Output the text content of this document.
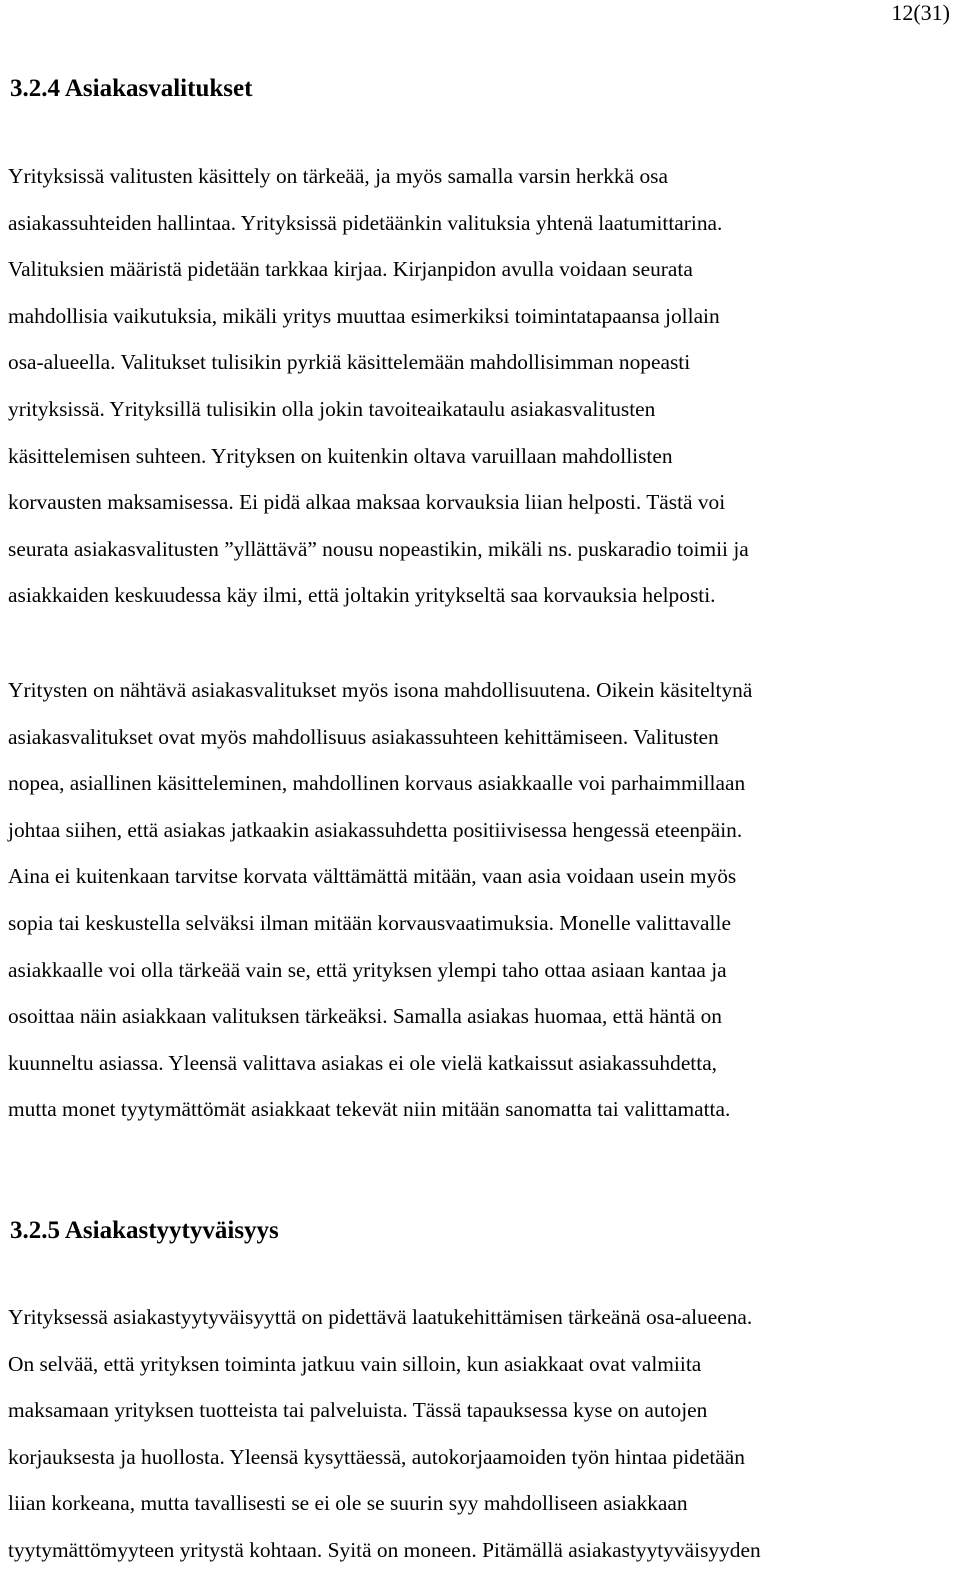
12(31)
3.2.4 Asiakasvalitukset
Yrityksissä valitusten käsittely on tärkeää, ja myös samalla varsin herkkä osa
asiakassuhteiden hallintaa. Yrityksissä pidetäänkin valituksia yhtenä laatumittarina.
Valituksien määristä pidetään tarkkaa kirjaa. Kirjanpidon avulla voidaan seurata
mahdollisia vaikutuksia, mikäli yritys muuttaa esimerkiksi toimintatapaansa jollain
osa-alueella. Valitukset tulisikin pyrkiä käsittelemään mahdollisimman nopeasti
yrityksissä. Yrityksillä tulisikin olla jokin tavoiteaikataulu asiakasvalitusten
käsittelemisen suhteen. Yrityksen on kuitenkin oltava varuillaan mahdollisten
korvausten maksamisessa. Ei pidä alkaa maksaa korvauksia liian helposti. Tästä voi
seurata asiakasvalitusten ”yllättävä” nousu nopeastikin, mikäli ns. puskaradio toimii ja
asiakkaiden keskuudessa käy ilmi, että joltakin yritykseltä saa korvauksia helposti.
Yritysten on nähtävä asiakasvalitukset myös isona mahdollisuutena. Oikein käsiteltynä
asiakasvalitukset ovat myös mahdollisuus asiakassuhteen kehittämiseen. Valitusten
nopea, asiallinen käsitteleminen, mahdollinen korvaus asiakkaalle voi parhaimmillaan
johtaa siihen, että asiakas jatkaakin asiakassuhdetta positiivisessa hengessä eteenpäin.
Aina ei kuitenkaan tarvitse korvata välttämättä mitään, vaan asia voidaan usein myös
sopia tai keskustella selväksi ilman mitään korvausvaatimuksia. Monelle valittavalle
asiakkaalle voi olla tärkeää vain se, että yrityksen ylempi taho ottaa asiaan kantaa ja
osoittaa näin asiakkaan valituksen tärkeäksi. Samalla asiakas huomaa, että häntä on
kuunneltu asiassa. Yleensä valittava asiakas ei ole vielä katkaissut asiakassuhdetta,
mutta monet tyytymättömät asiakkaat tekevät niin mitään sanomatta tai valittamatta.
3.2.5 Asiakastyytyväisyys
Yrityksessä asiakastyytyväisyyttä on pidettävä laatukehittämisen tärkeänä osa-alueena.
On selvää, että yrityksen toiminta jatkuu vain silloin, kun asiakkaat ovat valmiita
maksamaan yrityksen tuotteista tai palveluista. Tässä tapauksessa kyse on autojen
korjauksesta ja huollosta. Yleensä kysyttäessä, autokorjaamoiden työn hintaa pidetään
liian korkeana, mutta tavallisesti se ei ole se suurin syy mahdolliseen asiakkaan
tyytymättömyyteen yritystä kohtaan. Syitä on moneen. Pitämällä asiakastyytyväisyyden
